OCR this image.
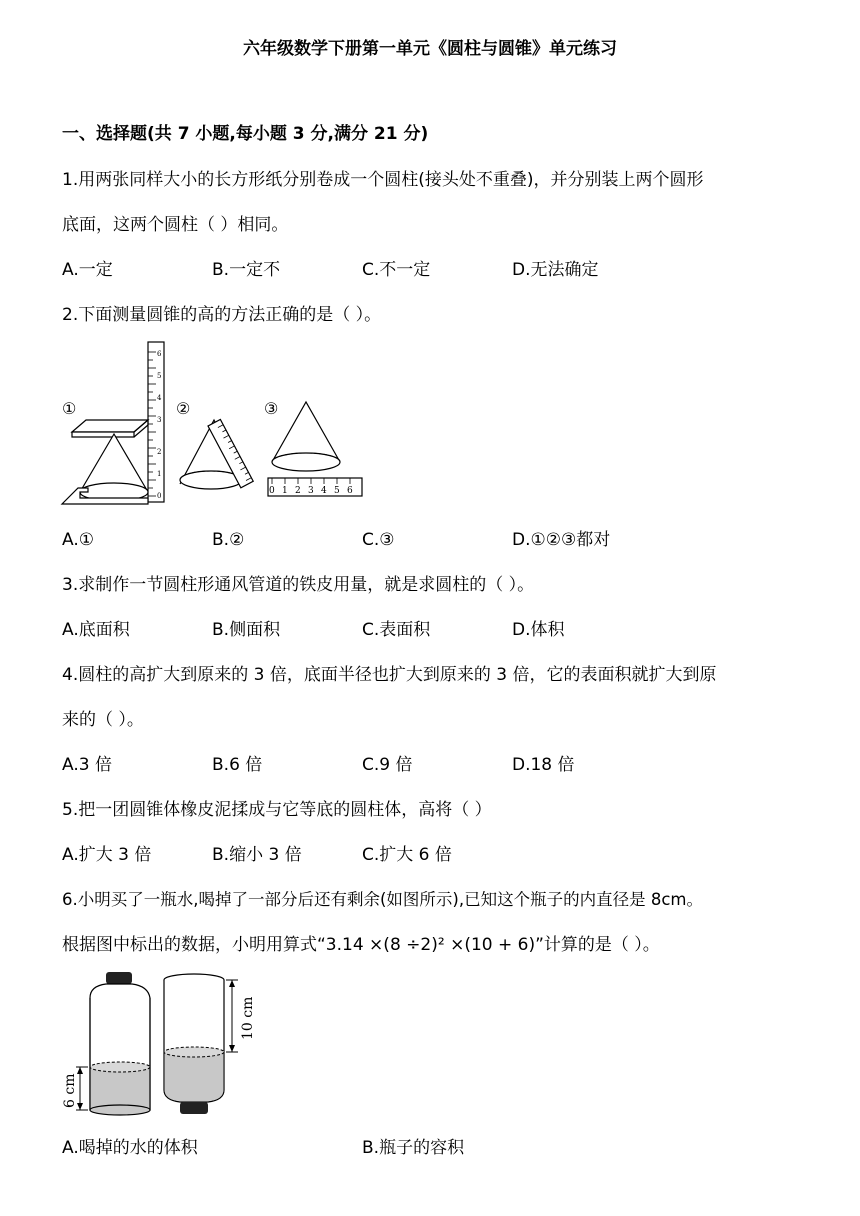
六年级数学下册第一单元《圆柱与圆锥》单元练习
一、选择题(共 7 小题,每小题 3 分,满分 21 分)
1.用两张同样大小的长方形纸分别卷成一个圆柱(接头处不重叠)，并分别装上两个圆形
底面，这两个圆柱（ ）相同。
A.一定	B.一定不	C.不一定	D.无法确定
2.下面测量圆锥的高的方法正确的是（ ）。
①
0
1
2
3
4
5
6
②	③
0 1 2 3 4 5 6
A.①	B.②	C.③	D.①②③都对
3.求制作一节圆柱形通风管道的铁皮用量，就是求圆柱的（ ）。
A.底面积	B.侧面积	C.表面积	D.体积
4.圆柱的高扩大到原来的 3 倍，底面半径也扩大到原来的 3 倍，它的表面积就扩大到原
来的（ ）。
A.3 倍	B.6 倍	C.9 倍	D.18 倍
5.把一团圆锥体橡皮泥揉成与它等底的圆柱体，高将（ ）
A.扩大 3 倍	B.缩小 3 倍	C.扩大 6 倍
6.小明买了一瓶水,喝掉了一部分后还有剩余(如图所示),已知这个瓶子的内直径是 8cm。
根据图中标出的数据，小明用算式“3.14 ×(8 ÷2)² ×(10 + 6)”计算的是（ ）。
6 cm
10 cm
A.喝掉的水的体积	B.瓶子的容积
